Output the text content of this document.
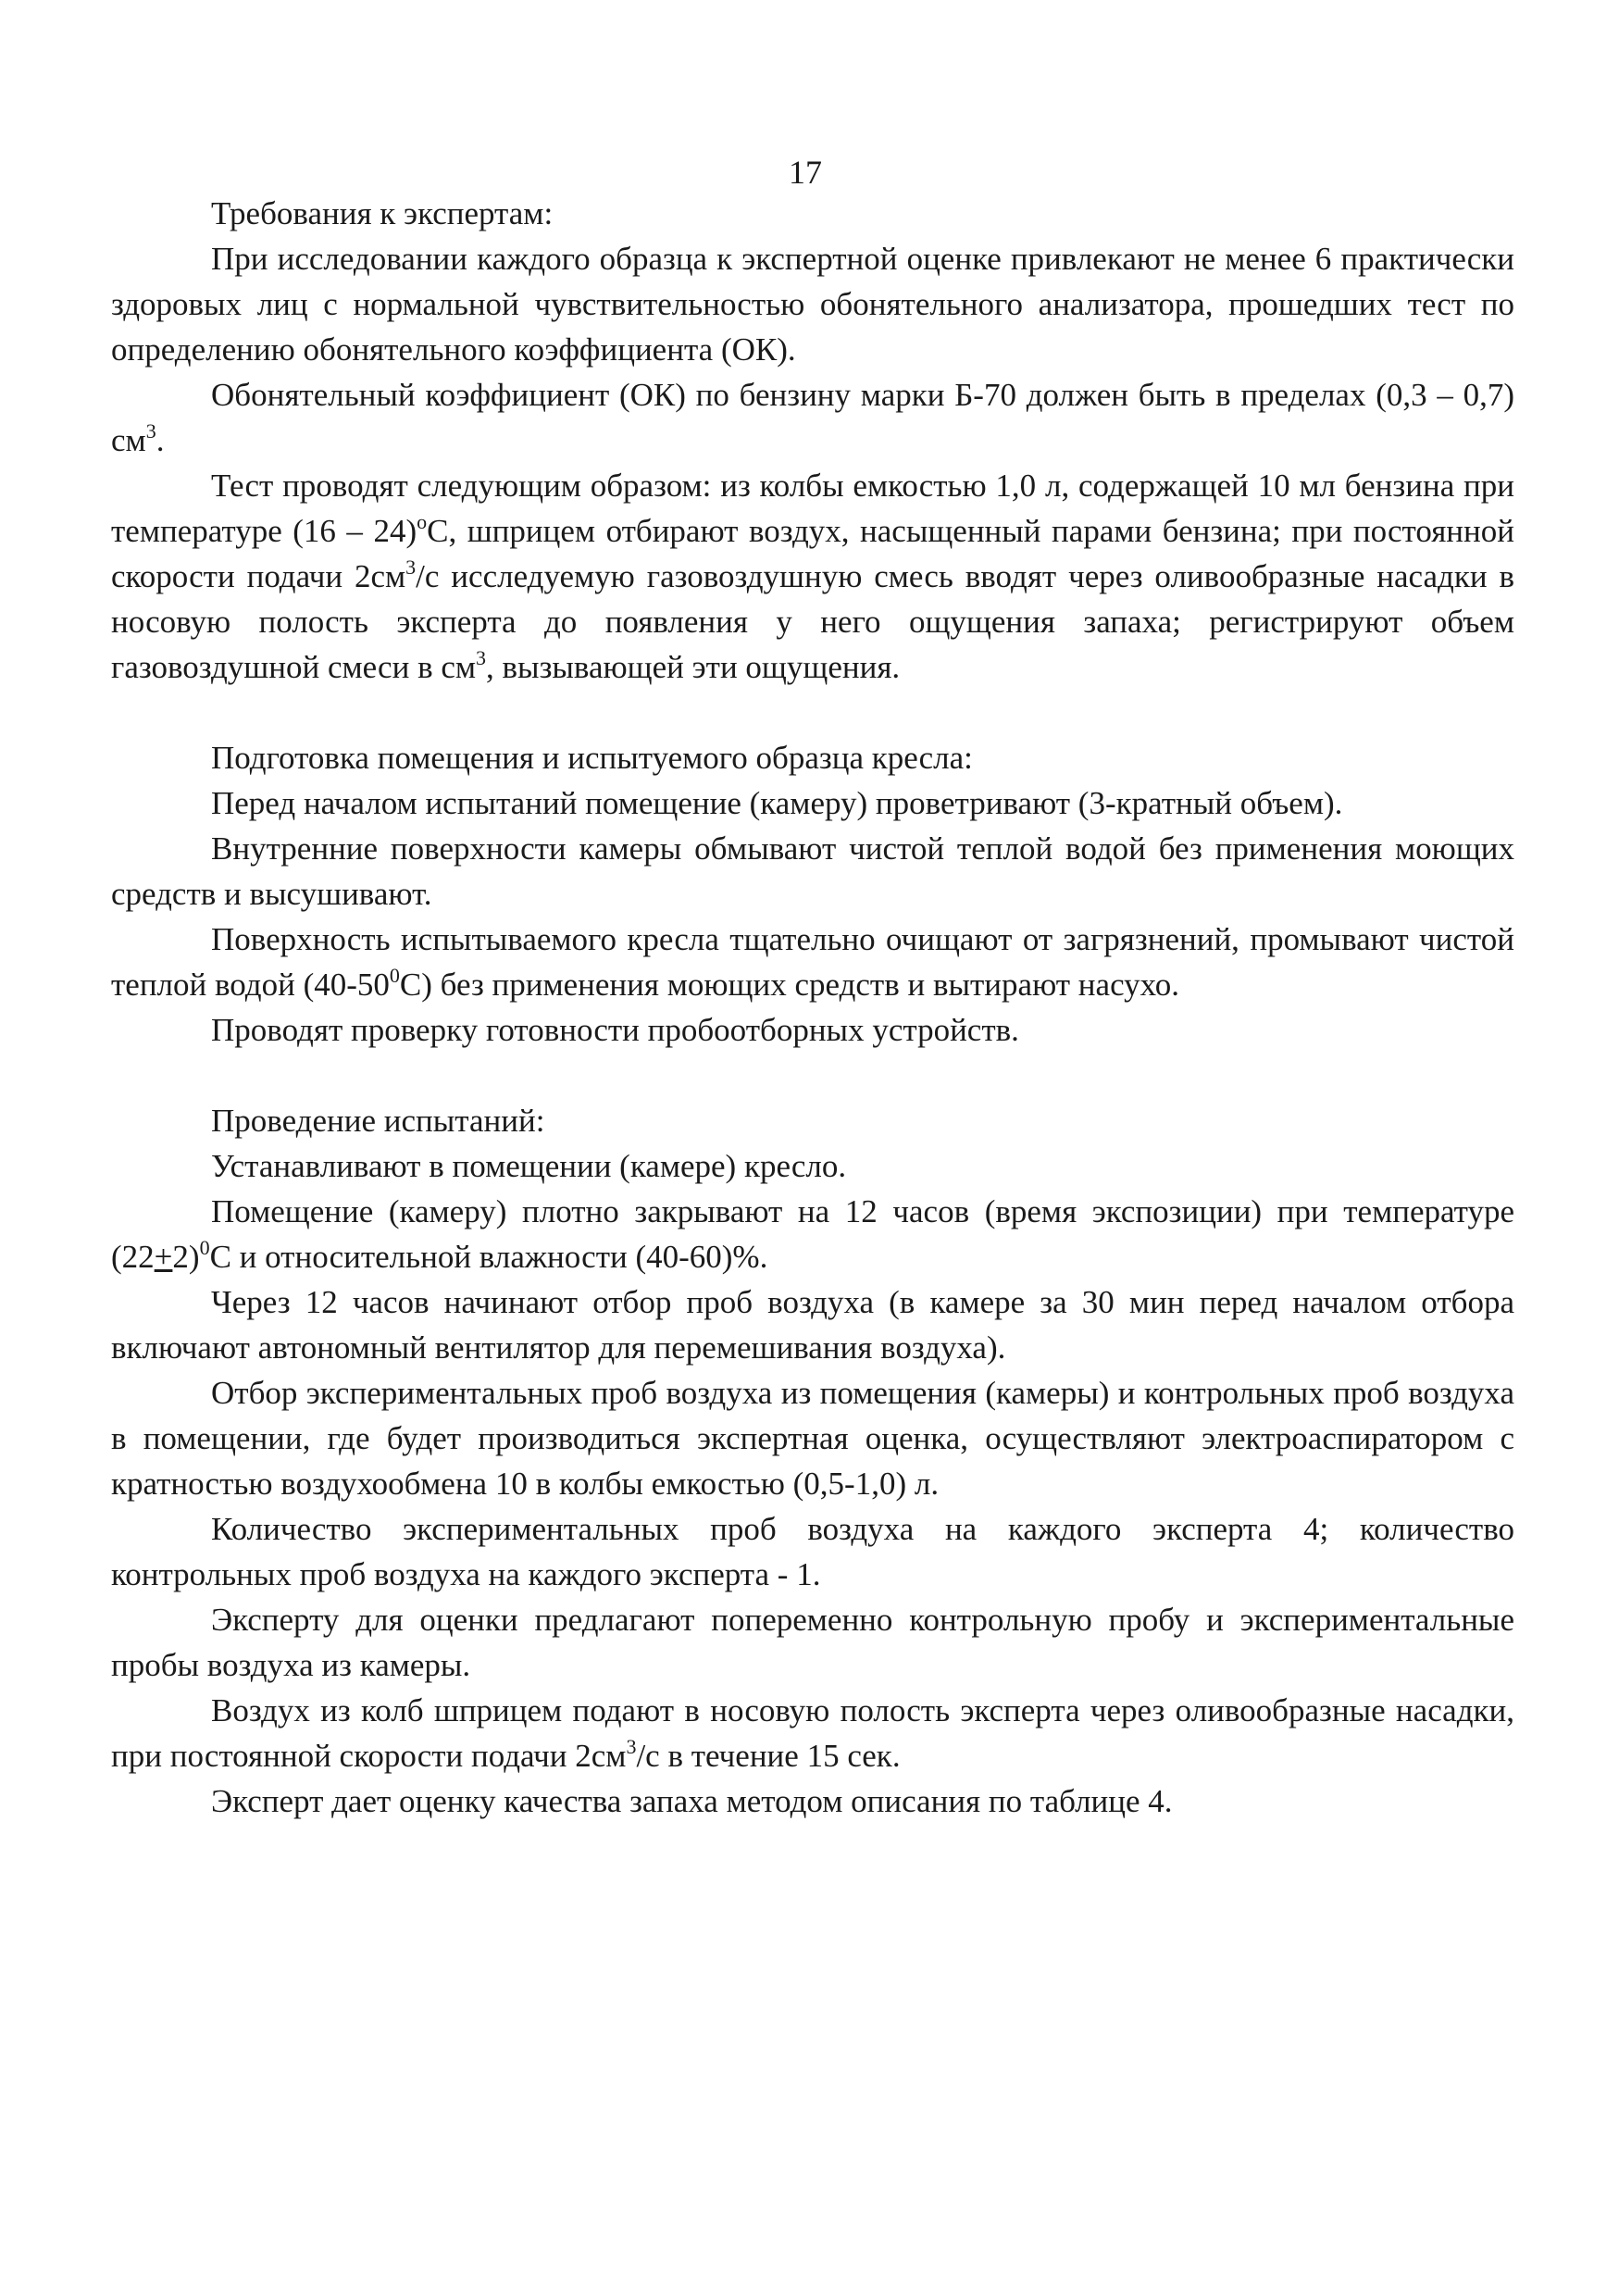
17

Требования к экспертам:

При исследовании каждого образца к экспертной оценке привлекают не менее 6 практически здоровых лиц с нормальной чувствительностью обонятельного анализатора, прошедших тест по определению обонятельного коэффициента (ОК).

Обонятельный коэффициент (ОК) по бензину марки Б-70 должен быть в пределах (0,3 – 0,7) $см^3$.

Тест проводят следующим образом: из колбы емкостью 1,0 л, содержащей 10 мл бензина при температуре (16 – 24)$^о$С, шприцем отбирают воздух, насыщенный парами бензина; при постоянной скорости подачи $2см^3/с$ исследуемую газовоздушную смесь вводят через оливообразные насадки в носовую полость эксперта до появления у него ощущения запаха; регистрируют объем газовоздушной смеси в $см^3$, вызывающей эти ощущения.

Подготовка помещения и испытуемого образца кресла:

Перед началом испытаний помещение (камеру) проветривают (3-кратный объем).

Внутренние поверхности камеры обмывают чистой теплой водой без применения моющих средств и высушивают.

Поверхность испытываемого кресла тщательно очищают от загрязнений, промывают чистой теплой водой $(40-50^0С)$ без применения моющих средств и вытирают насухо.

Проводят проверку готовности пробоотборных устройств.

Проведение испытаний:

Устанавливают в помещении (камере) кресло.

Помещение (камеру) плотно закрывают на 12 часов (время экспозиции) при температуре $(22+2)^0С$ и относительной влажности (40-60)%.

Через 12 часов начинают отбор проб воздуха (в камере за 30 мин перед началом отбора включают автономный вентилятор для перемешивания воздуха).

Отбор экспериментальных проб воздуха из помещения (камеры) и контрольных проб воздуха в помещении, где будет производиться экспертная оценка, осуществляют электроаспиратором с кратностью воздухообмена 10 в колбы емкостью (0,5-1,0) л.

Количество экспериментальных проб воздуха на каждого эксперта 4; количество контрольных проб воздуха на каждого эксперта - 1.

Эксперту для оценки предлагают попеременно контрольную пробу и экспериментальные пробы воздуха из камеры.

Воздух из колб шприцем подают в носовую полость эксперта через оливообразные насадки, при постоянной скорости подачи $2см^3/с$ в течение 15 сек.

Эксперт дает оценку качества запаха методом описания по таблице 4.
